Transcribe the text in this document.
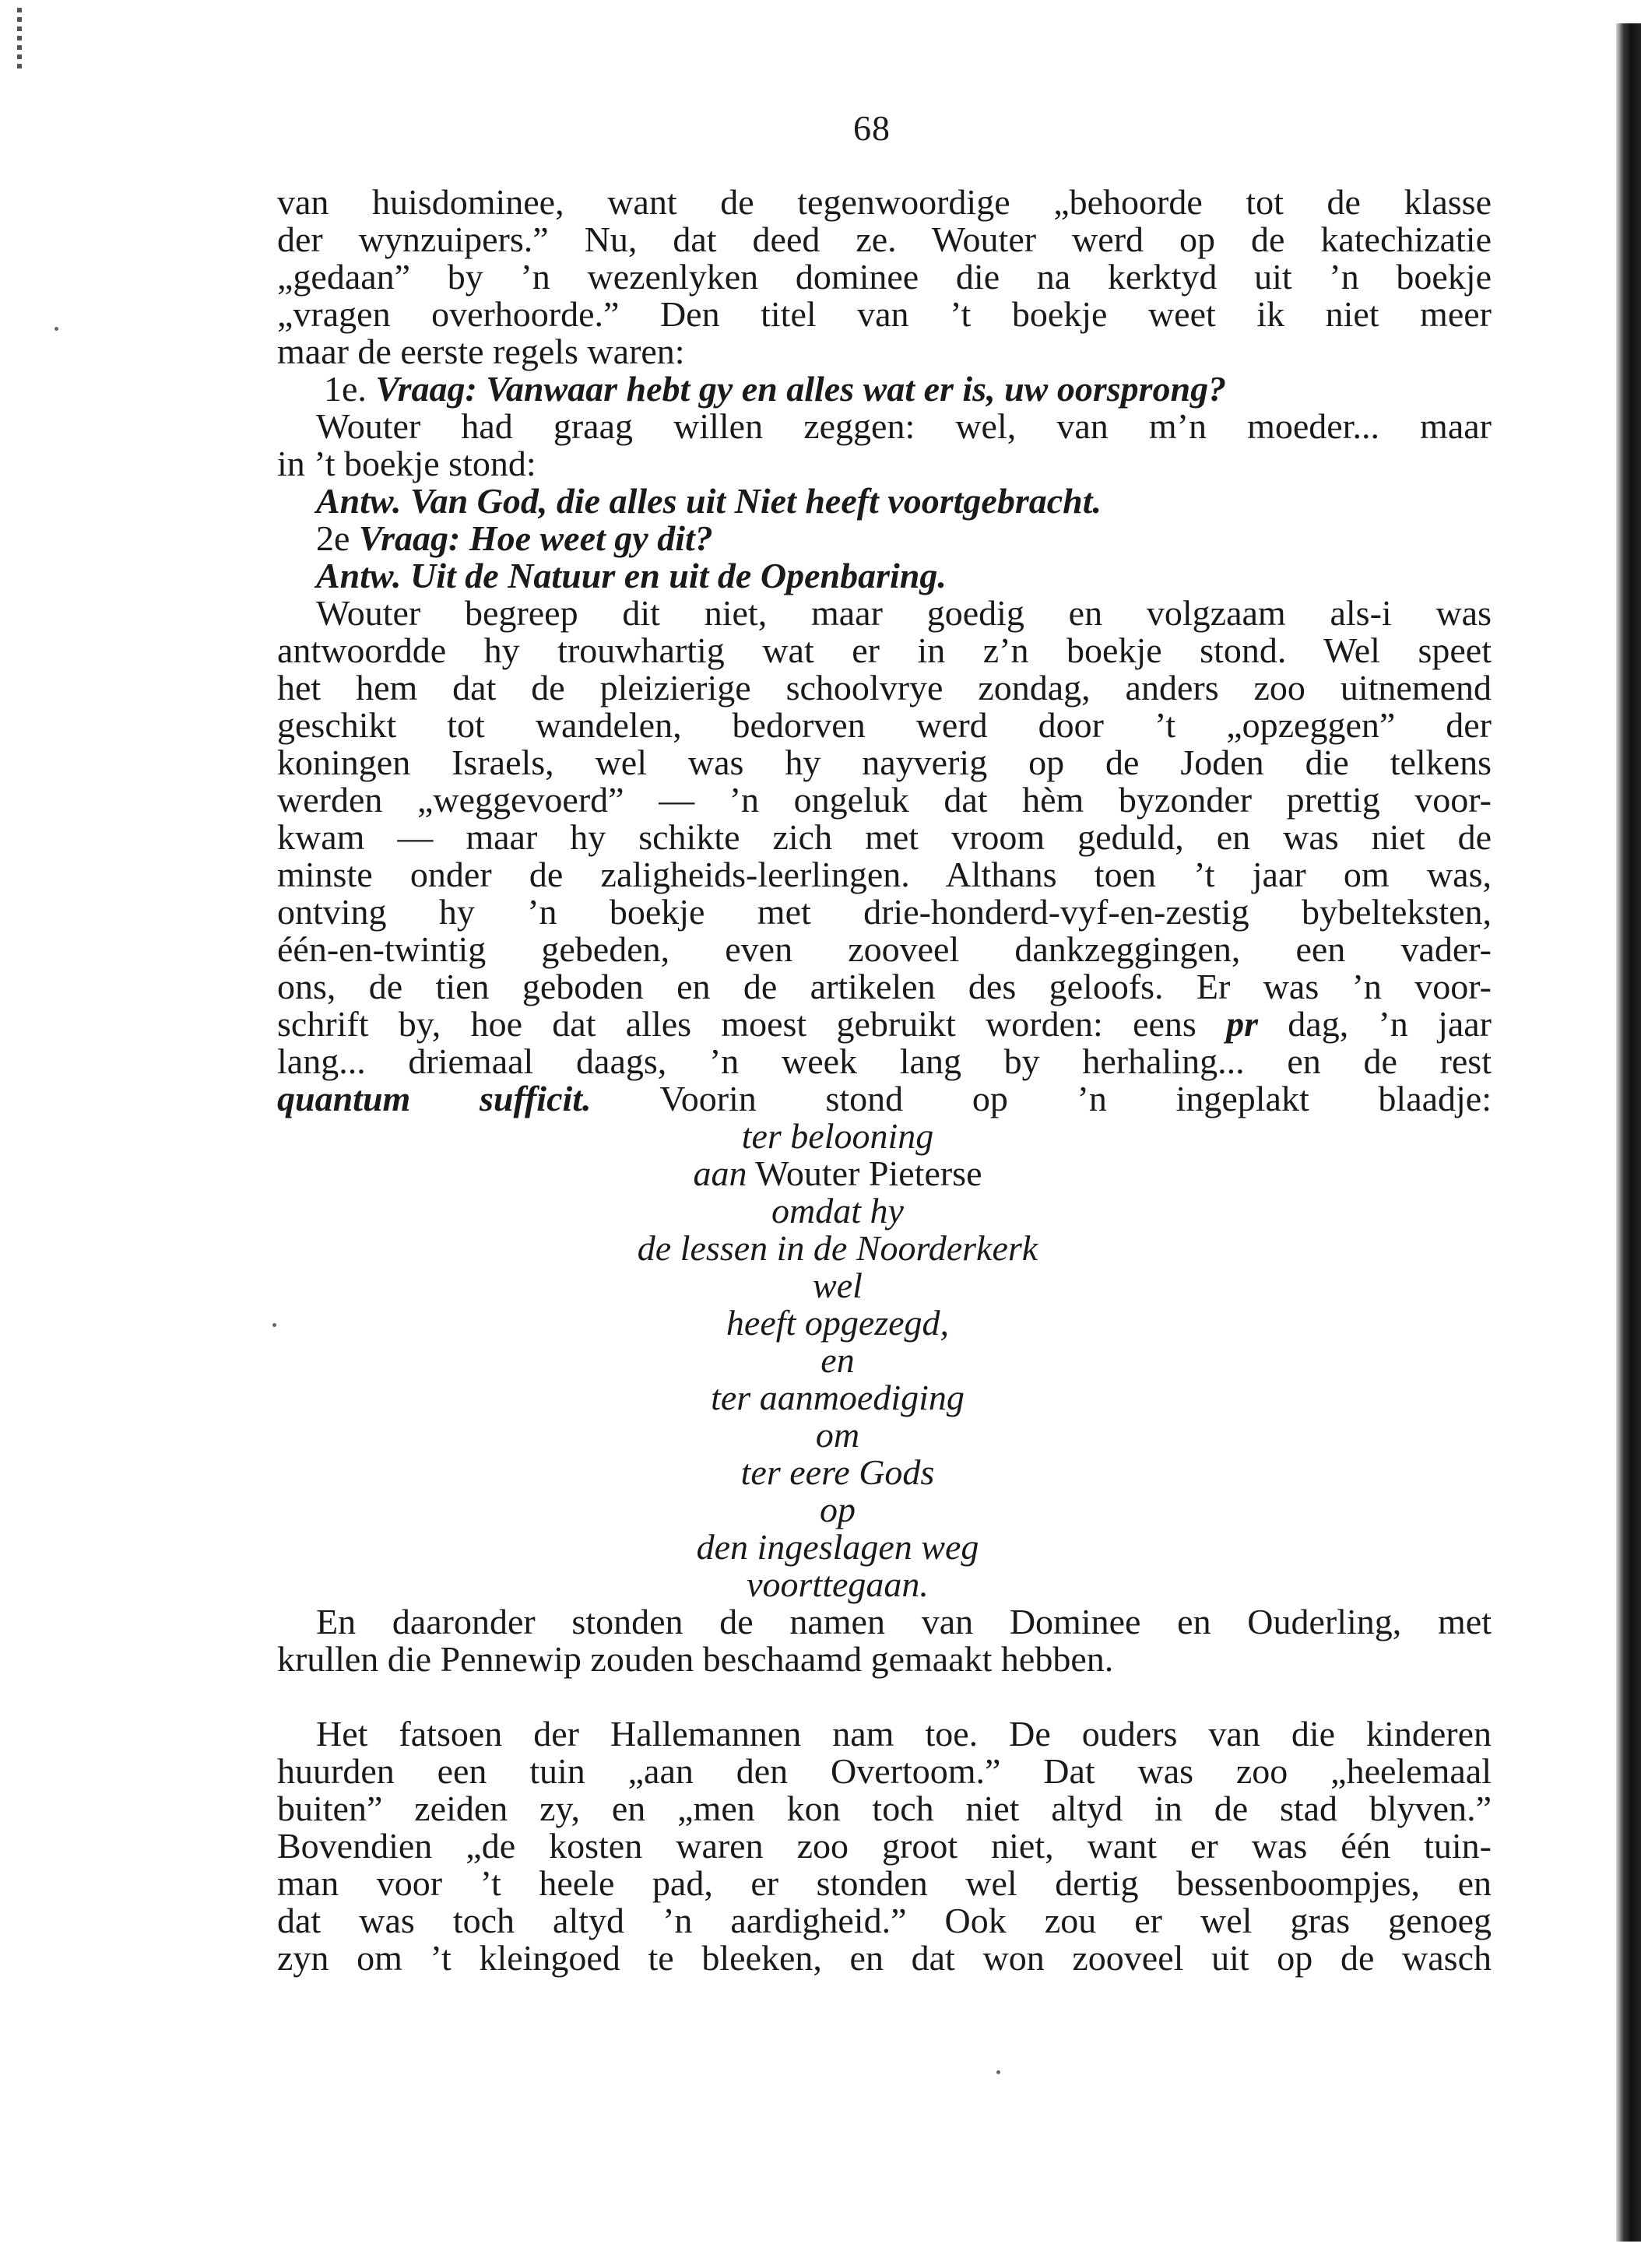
68
van huisdominee, want de tegenwoordige „behoorde tot de klasse
der wynzuipers.” Nu, dat deed ze. Wouter werd op de katechizatie
„gedaan” by ’n wezenlyken dominee die na kerktyd uit ’n boekje
„vragen overhoorde.” Den titel van ’t boekje weet ik niet meer
maar de eerste regels waren:
1e. Vraag: Vanwaar hebt gy en alles wat er is, uw oorsprong?
Wouter had graag willen zeggen: wel, van m’n moeder... maar
in ’t boekje stond:
Antw. Van God, die alles uit Niet heeft voortgebracht.
2e Vraag: Hoe weet gy dit?
Antw. Uit de Natuur en uit de Openbaring.
Wouter begreep dit niet, maar goedig en volgzaam als-i was
antwoordde hy trouwhartig wat er in z’n boekje stond. Wel speet
het hem dat de pleizierige schoolvrye zondag, anders zoo uitnemend
geschikt tot wandelen, bedorven werd door ’t „opzeggen” der
koningen Israels, wel was hy nayverig op de Joden die telkens
werden „weggevoerd” — ’n ongeluk dat hèm byzonder prettig voor-
kwam — maar hy schikte zich met vroom geduld, en was niet de
minste onder de zaligheids-leerlingen. Althans toen ’t jaar om was,
ontving hy ’n boekje met drie-honderd-vyf-en-zestig bybelteksten,
één-en-twintig gebeden, even zooveel dankzeggingen, een vader-
ons, de tien geboden en de artikelen des geloofs. Er was ’n voor-
schrift by, hoe dat alles moest gebruikt worden: eens pr dag, ’n jaar
lang... driemaal daags, ’n week lang by herhaling... en de rest
quantum sufficit. Voorin stond op ’n ingeplakt blaadje:
ter belooning
aan Wouter Pieterse
omdat hy
de lessen in de Noorderkerk
wel
heeft opgezegd,
en
ter aanmoediging
om
ter eere Gods
op
den ingeslagen weg
voorttegaan.
En daaronder stonden de namen van Dominee en Ouderling, met
krullen die Pennewip zouden beschaamd gemaakt hebben.
Het fatsoen der Hallemannen nam toe. De ouders van die kinderen
huurden een tuin „aan den Overtoom.” Dat was zoo „heelemaal
buiten” zeiden zy, en „men kon toch niet altyd in de stad blyven.”
Bovendien „de kosten waren zoo groot niet, want er was één tuin-
man voor ’t heele pad, er stonden wel dertig bessenboompjes, en
dat was toch altyd ’n aardigheid.” Ook zou er wel gras genoeg
zyn om ’t kleingoed te bleeken, en dat won zooveel uit op de wasch
